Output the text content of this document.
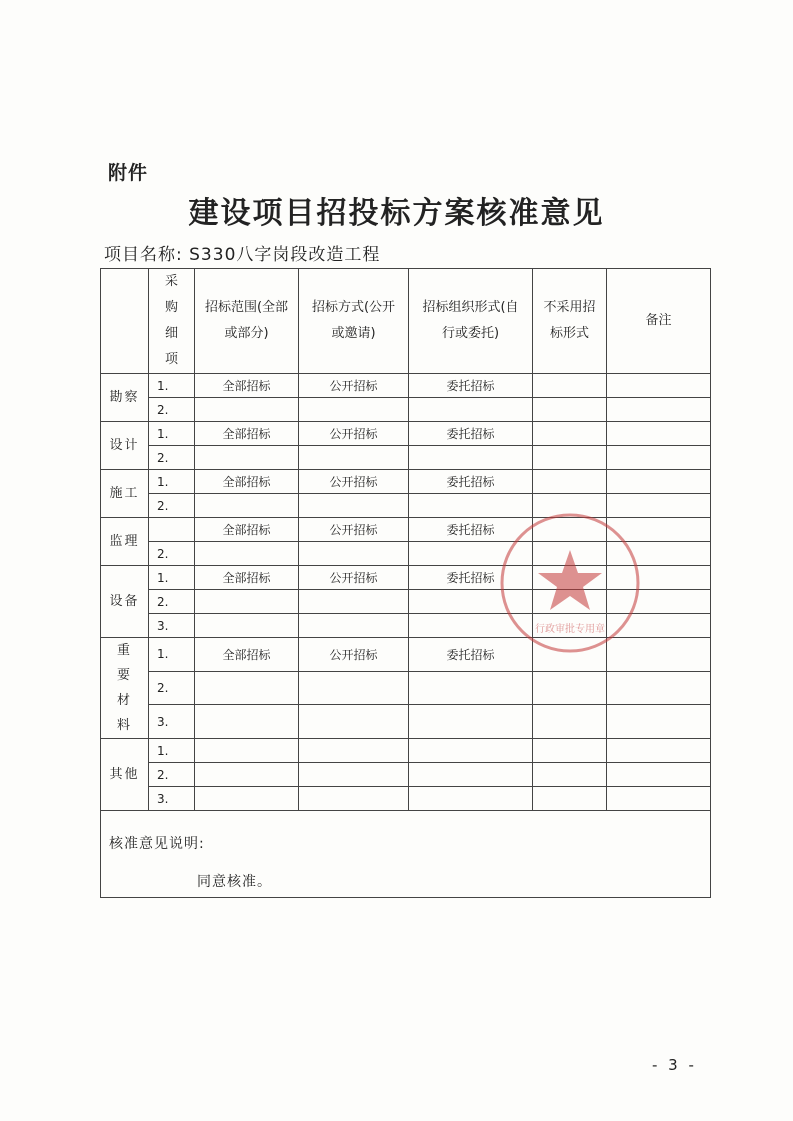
附件
建设项目招投标方案核准意见
项目名称: S330八字岗段改造工程
	采购细项	招标范围(全部或部分)	招标方式(公开或邀请)	招标组织形式(自行或委托)	不采用招标形式	备注
勘察	1.	全部招标	公开招标	委托招标		
	2.					
设计	1.	全部招标	公开招标	委托招标		
	2.					
施工	1.	全部招标	公开招标	委托招标		
	2.					
监理		全部招标	公开招标	委托招标		
	2.					
设备	1.	全部招标	公开招标	委托招标		
	2.					
	3.					
重要材料	1.	全部招标	公开招标	委托招标		
	2.					
	3.					
其他	1.					
	2.					
	3.					

核准意见说明:
同意核准。						
行政审批专用章
- 3 -
